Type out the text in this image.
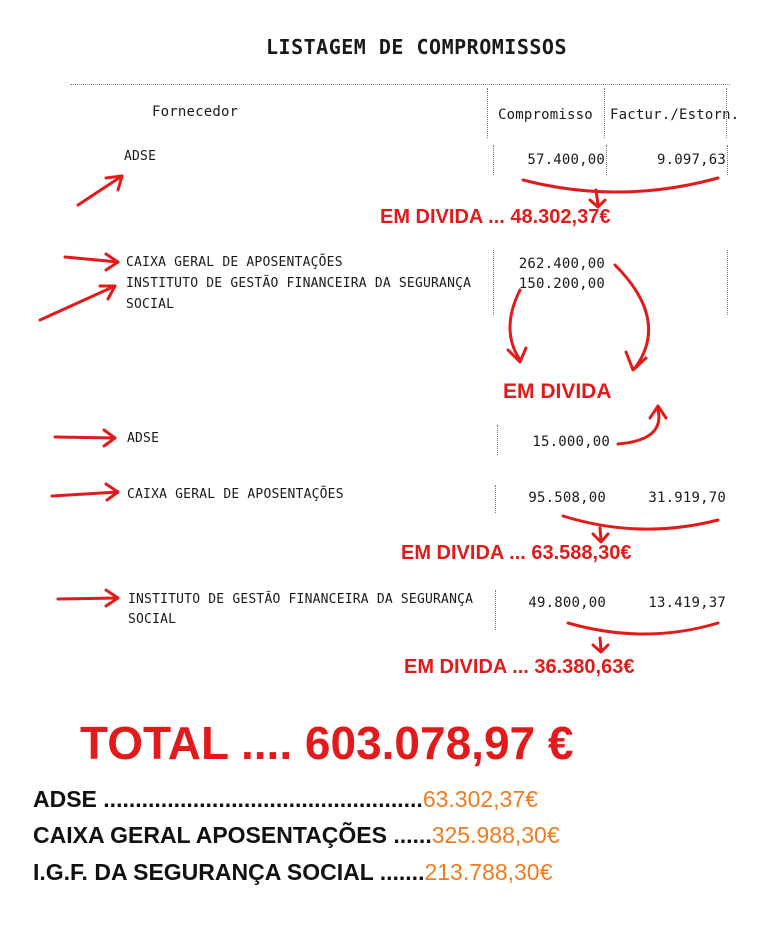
LISTAGEM DE COMPROMISSOS
Fornecedor	Compromisso Factur./Estorn.
ADSE	57.400,00	9.097,63
CAIXA GERAL DE APOSENTAÇÕES	262.400,00
INSTITUTO DE GESTÃO FINANCEIRA DA SEGURANÇA
SOCIAL
150.200,00
ADSE	15.000,00
CAIXA GERAL DE APOSENTAÇÕES	95.508,00	31.919,70
INSTITUTO DE GESTÃO FINANCEIRA DA SEGURANÇA
SOCIAL
49.800,00	13.419,37
EM DIVIDA ... 48.302,37€
EM DIVIDA
EM DIVIDA ... 63.588,30€
EM DIVIDA ... 36.380,63€
TOTAL .... 603.078,97 €
ADSE ..................................................63.302,37€
CAIXA GERAL APOSENTAÇÕES ......325.988,30€
I.G.F. DA SEGURANÇA SOCIAL .......213.788,30€
